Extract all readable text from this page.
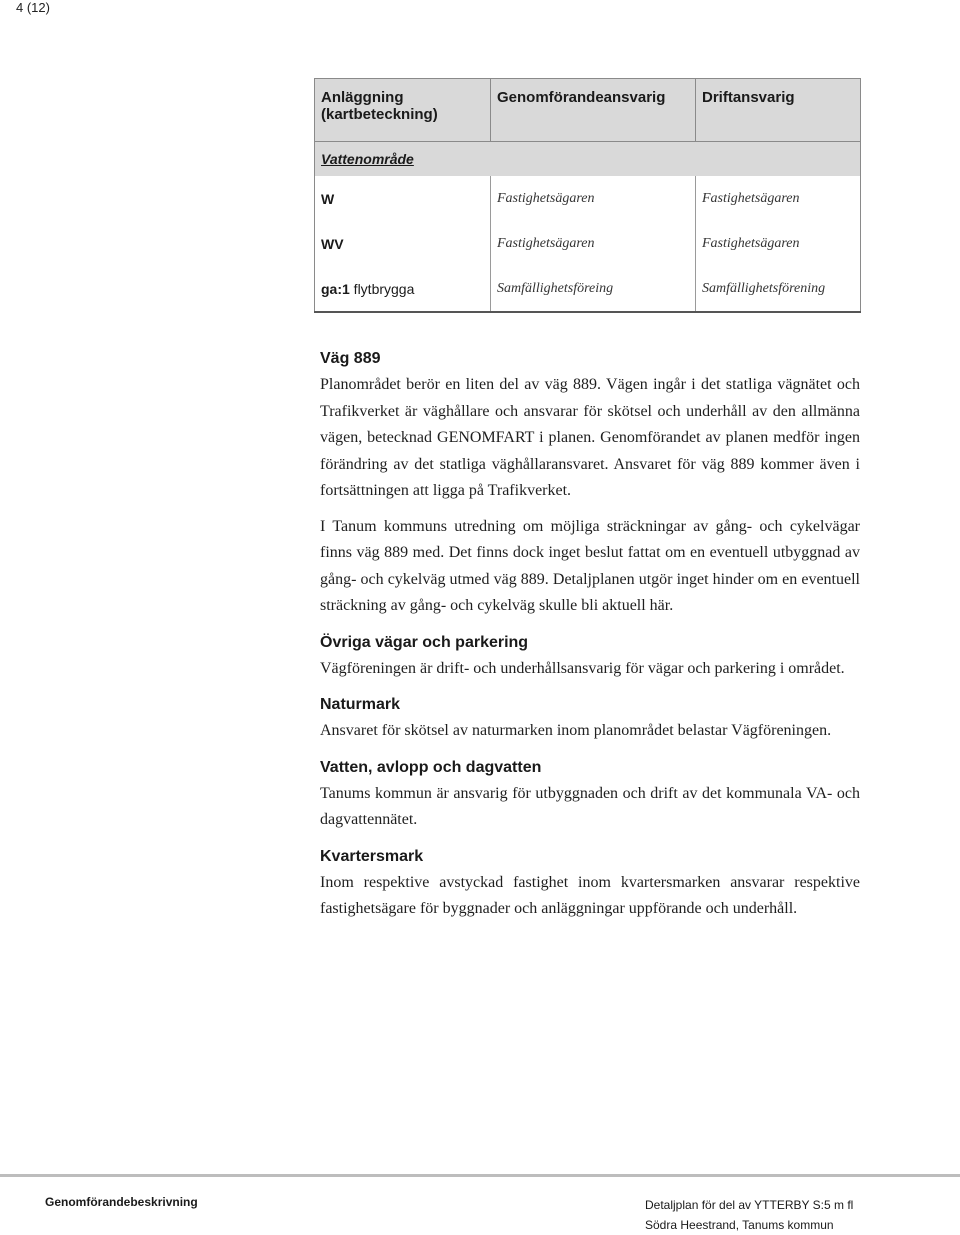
4 (12)
Anläggning (kartbeteckning)	Genomförandeansvarig	Driftansvarig
Vattenområde		
W	Fastighetsägaren	Fastighetsägaren
WV	Fastighetsägaren	Fastighetsägaren
ga:1 flytbrygga	Samfällighetsföreing	Samfällighetsförening
Väg 889

Planområdet berör en liten del av väg 889. Vägen ingår i det statliga vägnätet och Trafikverket är väghållare och ansvarar för skötsel och underhåll av den allmänna vägen, betecknad GENOMFART i planen. Genomförandet av planen medför ingen förändring av det statliga väghållaransvaret. Ansvaret för väg 889 kommer även i fortsättningen att ligga på Trafikverket.

I Tanum kommuns utredning om möjliga sträckningar av gång- och cykelvägar finns väg 889 med. Det finns dock inget beslut fattat om en eventuell utbyggnad av gång- och cykelväg utmed väg 889. Detaljplanen utgör inget hinder om en eventuell sträckning av gång- och cykelväg skulle bli aktuell här.

Övriga vägar och parkering

Vägföreningen är drift- och underhållsansvarig för vägar och parkering i området.

Naturmark

Ansvaret för skötsel av naturmarken inom planområdet belastar Vägföreningen.

Vatten, avlopp och dagvatten

Tanums kommun är ansvarig för utbyggnaden och drift av det kommunala VA- och dagvattennätet.

Kvartersmark

Inom respektive avstyckad fastighet inom kvartersmarken ansvarar respektive fastighetsägare för byggnader och anläggningar uppförande och underhåll.

Genomförandebeskrivning	Detaljplan för del av YTTERBY S:5 m fl
Södra Heestrand, Tanums kommun
